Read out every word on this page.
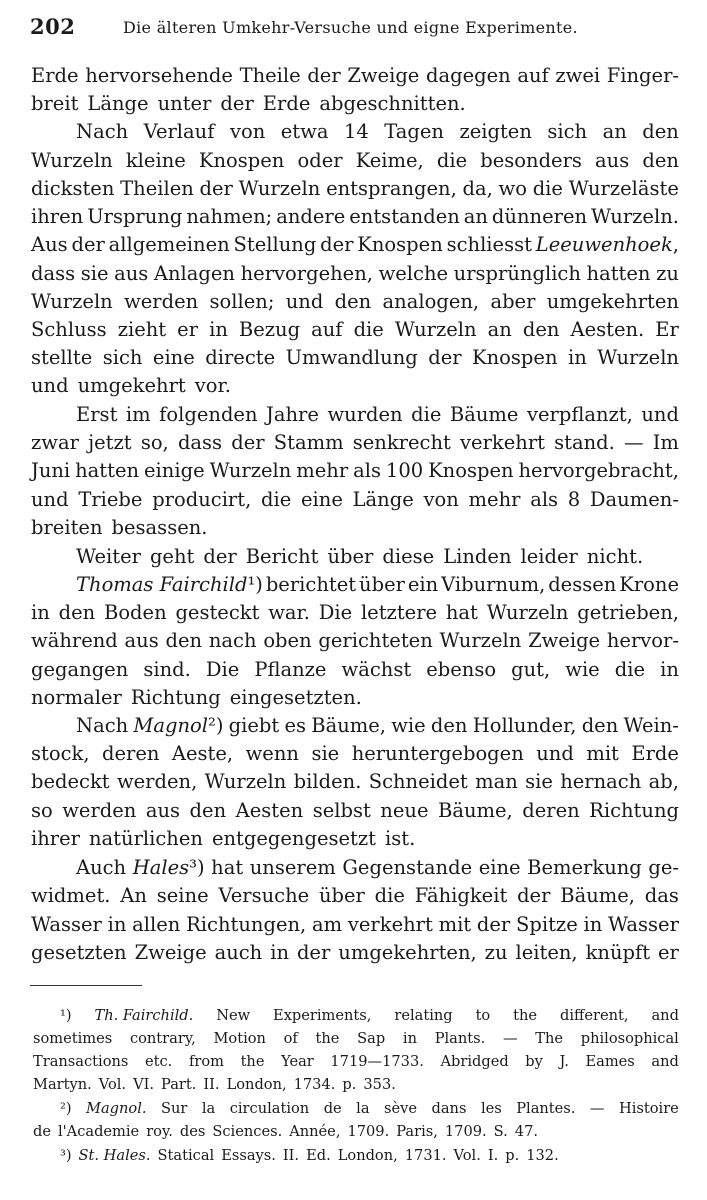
202	Die älteren Umkehr-Versuche und eigne Experimente.
Erde hervorsehende Theile der Zweige dagegen auf zwei Finger-
breit Länge unter der Erde abgeschnitten.
Nach Verlauf von etwa 14 Tagen zeigten sich an den
Wurzeln kleine Knospen oder Keime, die besonders aus den
dicksten Theilen der Wurzeln entsprangen, da, wo die Wurzeläste
ihren Ursprung nahmen; andere entstanden an dünneren Wurzeln.
Aus der allgemeinen Stellung der Knospen schliesst Leeuwenhoek,
dass sie aus Anlagen hervorgehen, welche ursprünglich hatten zu
Wurzeln werden sollen; und den analogen, aber umgekehrten
Schluss zieht er in Bezug auf die Wurzeln an den Aesten. Er
stellte sich eine directe Umwandlung der Knospen in Wurzeln
und umgekehrt vor.
Erst im folgenden Jahre wurden die Bäume verpflanzt, und
zwar jetzt so, dass der Stamm senkrecht verkehrt stand. — Im
Juni hatten einige Wurzeln mehr als 100 Knospen hervorgebracht,
und Triebe producirt, die eine Länge von mehr als 8 Daumen-
breiten besassen.
Weiter geht der Bericht über diese Linden leider nicht.
Thomas Fairchild¹) berichtet über ein Viburnum, dessen Krone
in den Boden gesteckt war. Die letztere hat Wurzeln getrieben,
während aus den nach oben gerichteten Wurzeln Zweige hervor-
gegangen sind. Die Pflanze wächst ebenso gut, wie die in
normaler Richtung eingesetzten.
Nach Magnol²) giebt es Bäume, wie den Hollunder, den Wein-
stock, deren Aeste, wenn sie heruntergebogen und mit Erde
bedeckt werden, Wurzeln bilden. Schneidet man sie hernach ab,
so werden aus den Aesten selbst neue Bäume, deren Richtung
ihrer natürlichen entgegengesetzt ist.
Auch Hales³) hat unserem Gegenstande eine Bemerkung ge-
widmet. An seine Versuche über die Fähigkeit der Bäume, das
Wasser in allen Richtungen, am verkehrt mit der Spitze in Wasser
gesetzten Zweige auch in der umgekehrten, zu leiten, knüpft er
¹) Th. Fairchild. New Experiments, relating to the different, and
sometimes contrary, Motion of the Sap in Plants. — The philosophical
Transactions etc. from the Year 1719—1733. Abridged by J. Eames and
Martyn. Vol. VI. Part. II. London, 1734. p. 353.
²) Magnol. Sur la circulation de la sève dans les Plantes. — Histoire
de l'Academie roy. des Sciences. Année, 1709. Paris, 1709. S. 47.
³) St. Hales. Statical Essays. II. Ed. London, 1731. Vol. I. p. 132.
